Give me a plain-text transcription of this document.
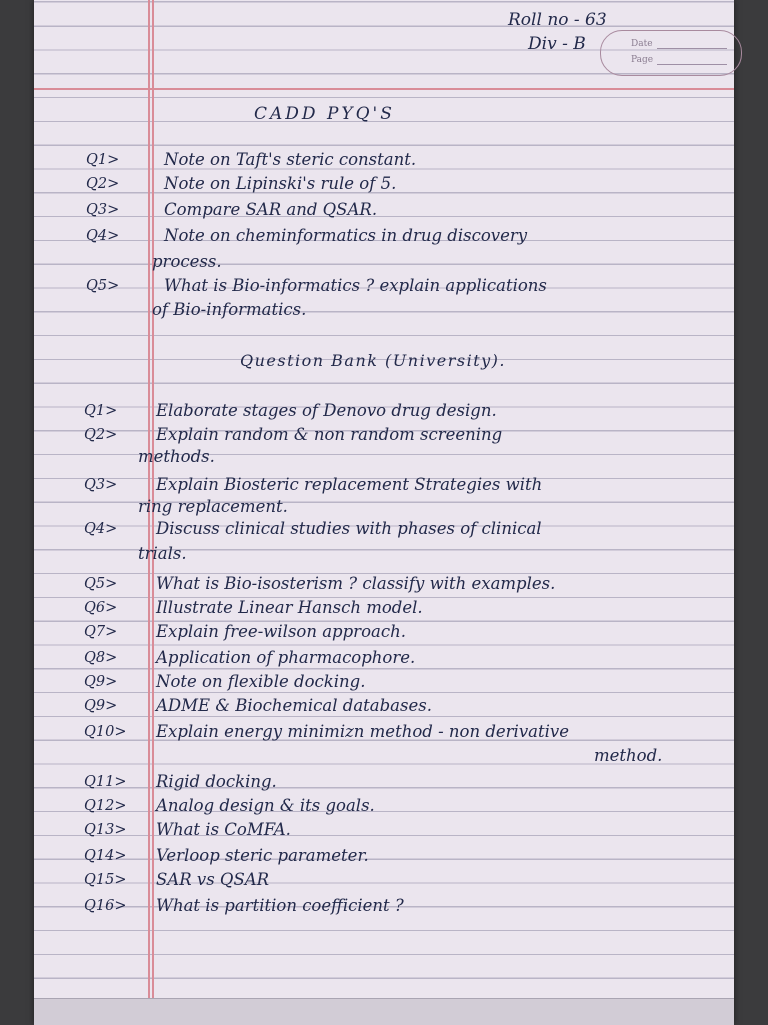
Date
Page
Roll no - 63
Div - B
CADD PYQ'S
Q1>	Note on Taft's steric constant.
Q2>	Note on Lipinski's rule of 5.
Q3>	Compare SAR and QSAR.
Q4>	Note on cheminformatics in drug discovery
process.
Q5>	What is Bio-informatics ? explain applications
of Bio-informatics.
Question Bank (University).
Q1> Elaborate stages of Denovo drug design.
Q2> Explain random & non random screening
methods.
Q3> Explain Biosteric replacement Strategies with
ring replacement.
Q4> Discuss clinical studies with phases of clinical
trials.
Q5> What is Bio-isosterism ? classify with examples.
Q6> Illustrate Linear Hansch model.
Q7> Explain free-wilson approach.
Q8> Application of pharmacophore.
Q9> Note on flexible docking.
Q9> ADME & Biochemical databases.
Q10> Explain energy minimizn method - non derivative
method.
Q11> Rigid docking.
Q12> Analog design & its goals.
Q13> What is CoMFA.
Q14> Verloop steric parameter.
Q15> SAR vs QSAR
Q16> What is partition coefficient ?
